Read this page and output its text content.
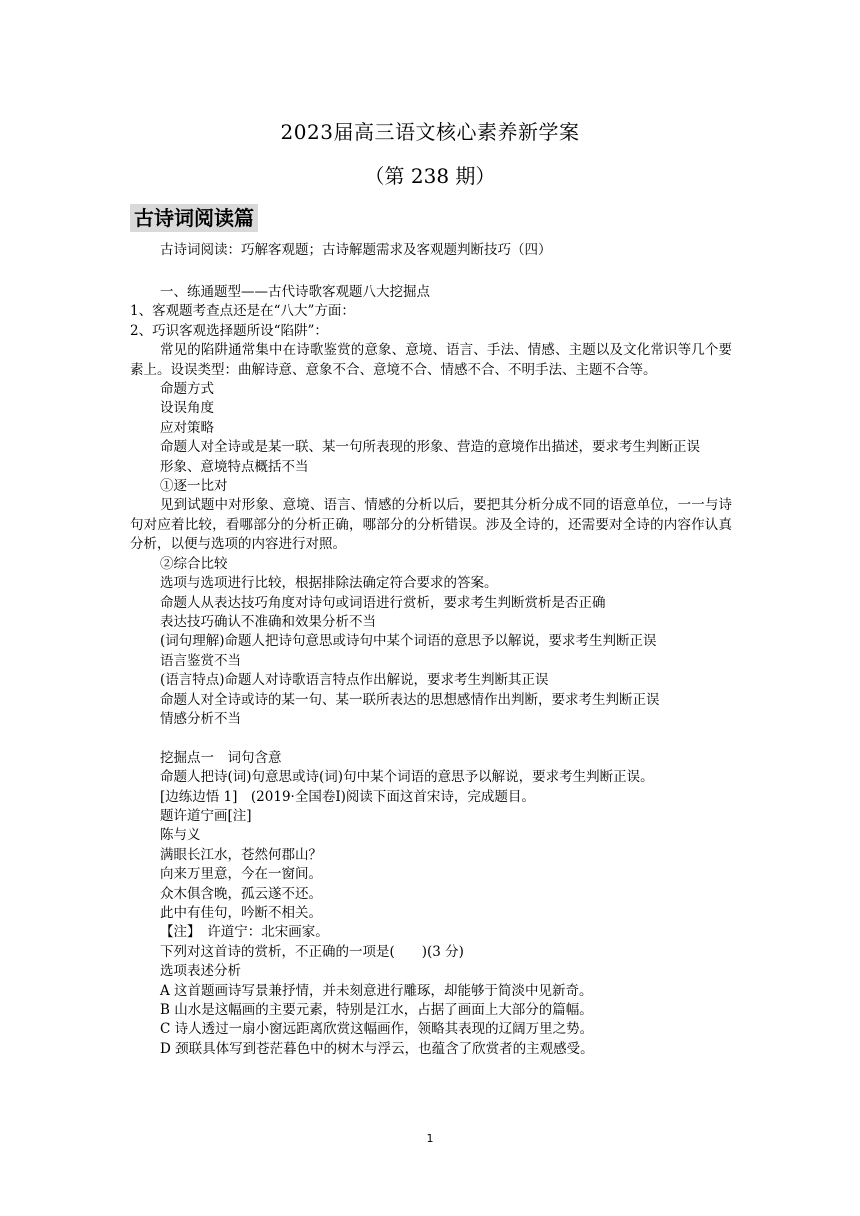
2023届高三语文核心素养新学案
（第 238 期）
古诗词阅读篇
古诗词阅读：巧解客观题；古诗解题需求及客观题判断技巧（四）

一、练通题型——古代诗歌客观题八大挖掘点

1、客观题考查点还是在“八大”方面：

2、巧识客观选择题所设“陷阱”：

常见的陷阱通常集中在诗歌鉴赏的意象、意境、语言、手法、情感、主题以及文化常识等几个要素上。设误类型：曲解诗意、意象不合、意境不合、情感不合、不明手法、主题不合等。

命题方式

设误角度

应对策略

命题人对全诗或是某一联、某一句所表现的形象、营造的意境作出描述，要求考生判断正误

形象、意境特点概括不当

①逐一比对

见到试题中对形象、意境、语言、情感的分析以后，要把其分析分成不同的语意单位，一一与诗句对应着比较，看哪部分的分析正确，哪部分的分析错误。涉及全诗的，还需要对全诗的内容作认真分析，以便与选项的内容进行对照。

②综合比较

选项与选项进行比较，根据排除法确定符合要求的答案。

命题人从表达技巧角度对诗句或词语进行赏析，要求考生判断赏析是否正确

表达技巧确认不准确和效果分析不当

(词句理解)命题人把诗句意思或诗句中某个词语的意思予以解说，要求考生判断正误

语言鉴赏不当

(语言特点)命题人对诗歌语言特点作出解说，要求考生判断其正误

命题人对全诗或诗的某一句、某一联所表达的思想感情作出判断，要求考生判断正误

情感分析不当

挖掘点一　词句含意

命题人把诗(词)句意思或诗(词)句中某个词语的意思予以解说，要求考生判断正误。

[边练边悟 1]　(2019·全国卷Ⅰ)阅读下面这首宋诗，完成题目。

题许道宁画[注]

陈与义

满眼长江水，苍然何郡山？

向来万里意，今在一窗间。

众木俱含晚，孤云遂不还。

此中有佳句，吟断不相关。

【注】　许道宁：北宋画家。

下列对这首诗的赏析，不正确的一项是(　　)(3 分)

选项表述分析

A 这首题画诗写景兼抒情，并未刻意进行雕琢，却能够于简淡中见新奇。

B 山水是这幅画的主要元素，特别是江水，占据了画面上大部分的篇幅。

C 诗人透过一扇小窗远距离欣赏这幅画作，领略其表现的辽阔万里之势。

D 颈联具体写到苍茫暮色中的树木与浮云，也蕴含了欣赏者的主观感受。

1
